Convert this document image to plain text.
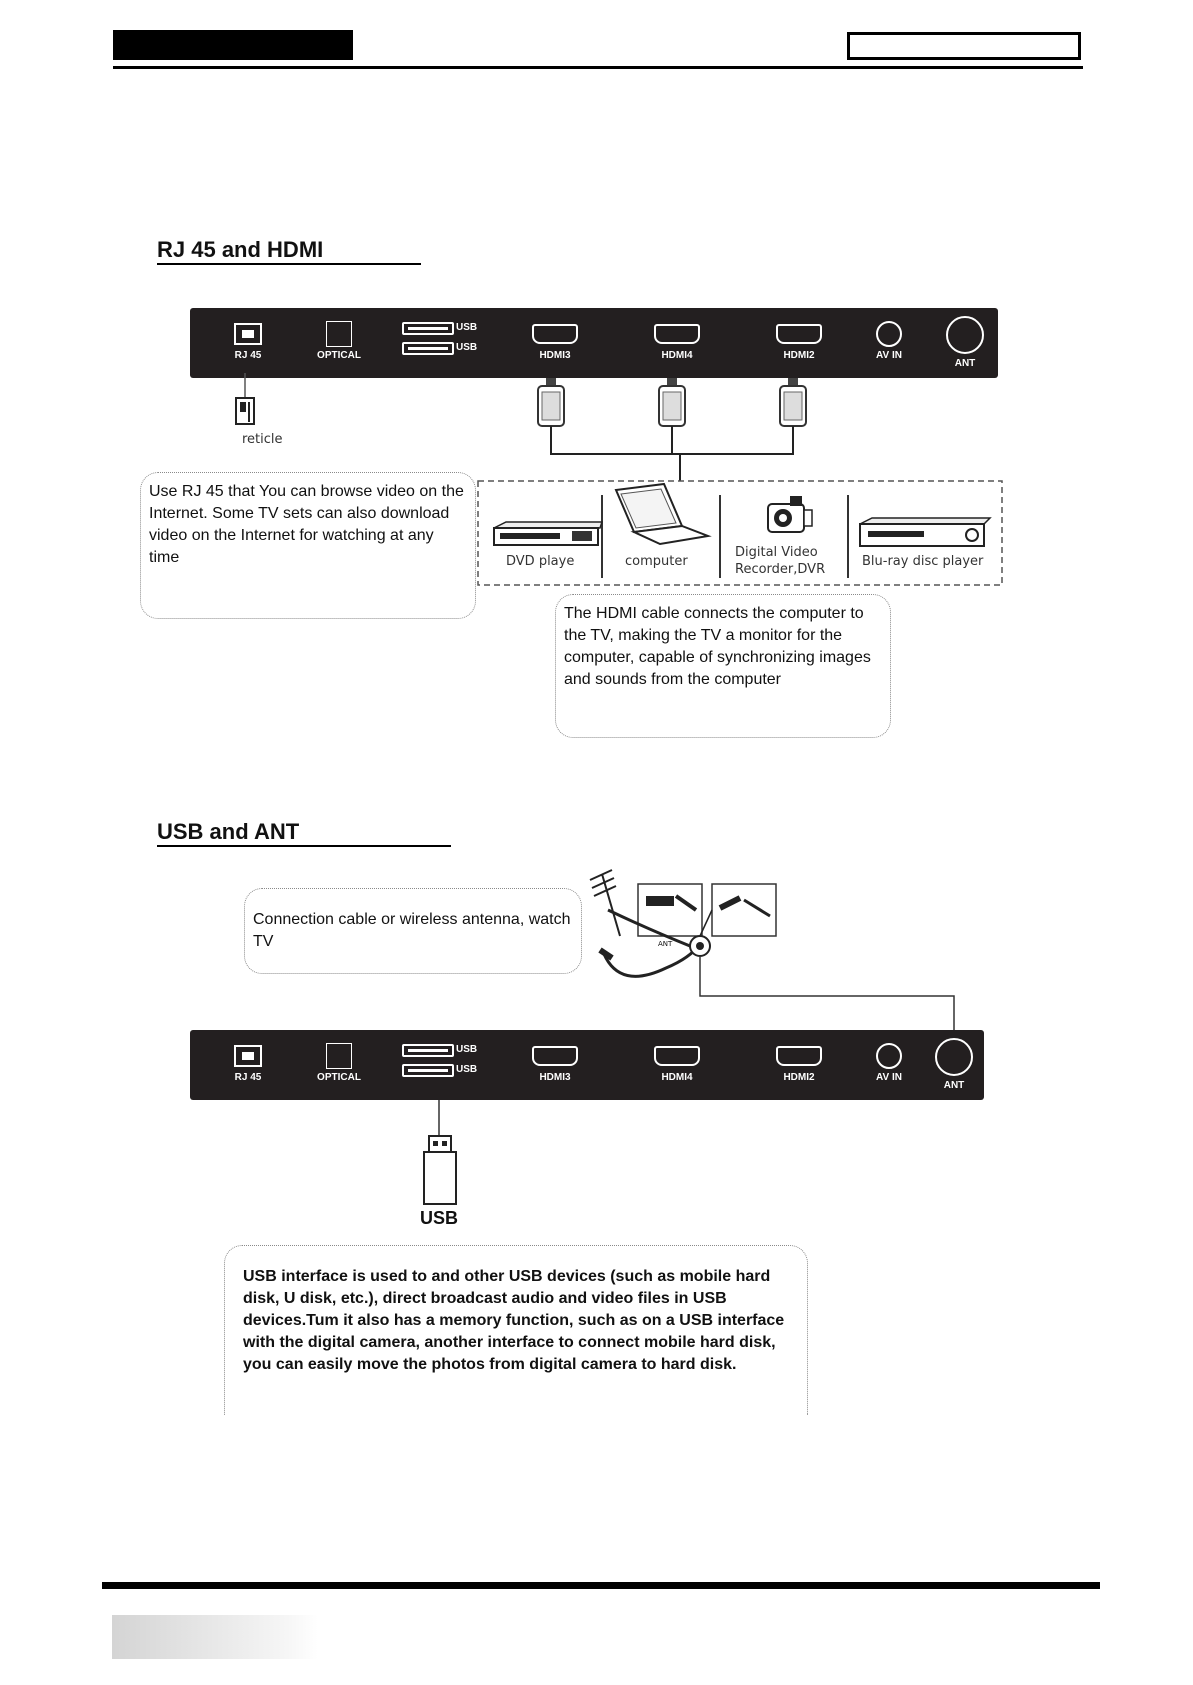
RJ 45 and HDMI
RJ 45	OPTICAL
USB
USB
HDMI3	HDMI4	HDMI2	AV IN
ANT
reticle
Use RJ 45 that You can browse video on the Internet. Some TV sets can also download video on the Internet for watching at any time	DVD playe	computer
Digital Video
Recorder,DVR
Blu-ray disc player
The HDMI cable connects the computer to the TV, making the TV a monitor for the computer, capable of synchronizing images and sounds from the computer
USB and ANT
Connection cable or wireless antenna, watch TV	ANT
RJ 45	OPTICAL
USB
USB
HDMI3	HDMI4	HDMI2	AV IN
ANT
USB
USB interface is used to and other USB devices (such as mobile hard disk, U disk, etc.), direct broadcast audio and video files in USB devices.Tum it also has a memory function, such as on a USB interface with the digital camera, another interface to connect mobile hard disk, you can easily move the photos from digital camera to hard disk.
